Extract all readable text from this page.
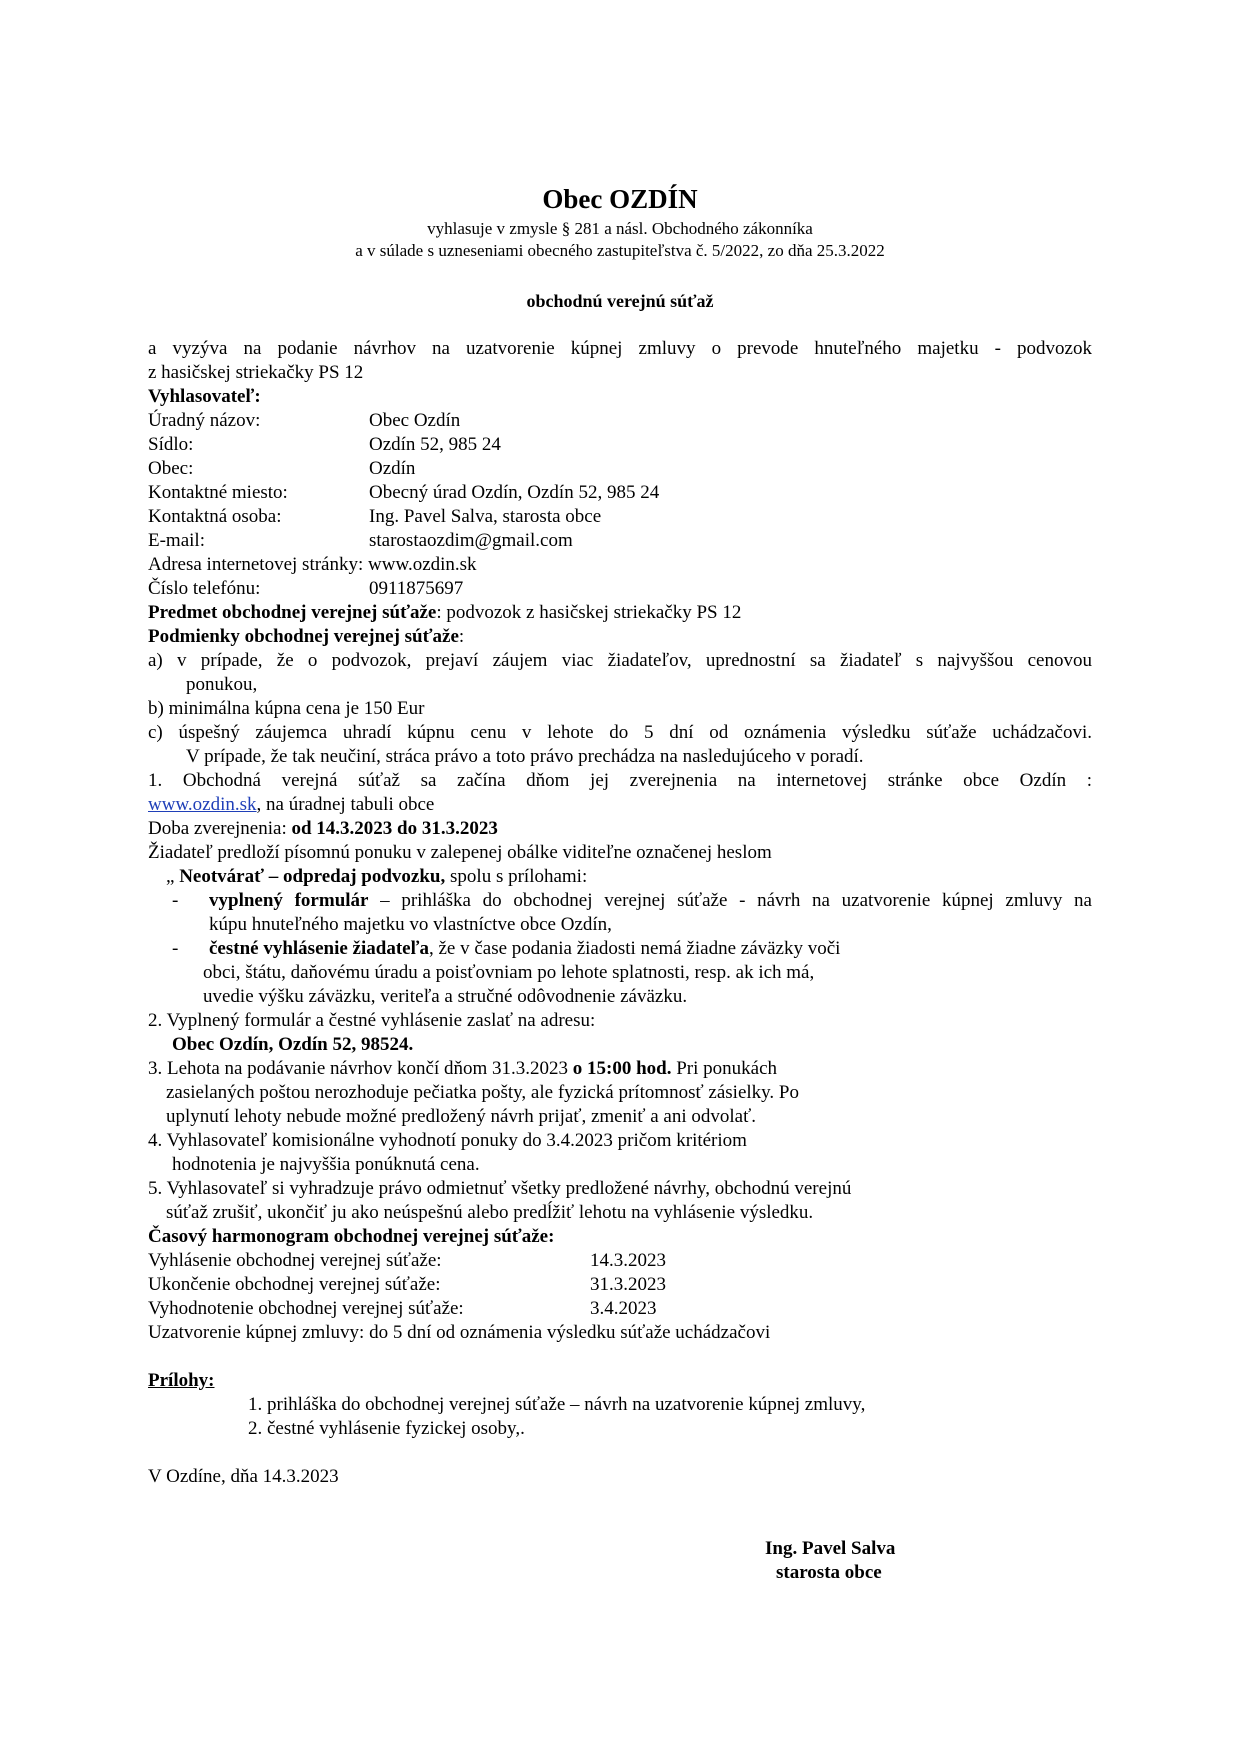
Obec OZDÍN
vyhlasuje v zmysle § 281 a násl. Obchodného zákonníka
a v súlade s uzneseniami obecného zastupiteľstva č. 5/2022, zo dňa 25.3.2022
obchodnú verejnú súťaž
a vyzýva na podanie návrhov na uzatvorenie kúpnej zmluvy o prevode hnuteľného majetku - podvozok
z hasičskej striekačky PS 12
Vyhlasovateľ:
Úradný názov:	Obec Ozdín
Sídlo:	Ozdín 52, 985 24
Obec:	Ozdín
Kontaktné miesto:	Obecný úrad Ozdín, Ozdín 52, 985 24
Kontaktná osoba:	Ing. Pavel Salva, starosta obce
E-mail:	starostaozdim@gmail.com
Adresa internetovej stránky: www.ozdin.sk
Číslo telefónu:	0911875697
Predmet obchodnej verejnej súťaže: podvozok z hasičskej striekačky PS 12
Podmienky obchodnej verejnej súťaže:
a) v prípade, že o podvozok, prejaví záujem viac žiadateľov, uprednostní sa žiadateľ s najvyššou cenovou
ponukou,
b) minimálna kúpna cena je 150 Eur
c) úspešný záujemca uhradí kúpnu cenu v lehote do 5 dní od oznámenia výsledku súťaže uchádzačovi.
V prípade, že tak neučiní, stráca právo a toto právo prechádza na nasledujúceho v poradí.
1. Obchodná verejná súťaž sa začína dňom jej zverejnenia na internetovej stránke obce Ozdín :
www.ozdin.sk, na úradnej tabuli obce
Doba zverejnenia: od 14.3.2023 do 31.3.2023
Žiadateľ predloží písomnú ponuku v zalepenej obálke viditeľne označenej heslom
„ Neotvárať – odpredaj podvozku, spolu s prílohami:
- vyplnený formulár – prihláška do obchodnej verejnej súťaže - návrh na uzatvorenie kúpnej zmluvy na
kúpu hnuteľného majetku vo vlastníctve obce Ozdín,
- čestné vyhlásenie žiadateľa, že v čase podania žiadosti nemá žiadne záväzky voči
obci, štátu, daňovému úradu a poisťovniam po lehote splatnosti, resp. ak ich má,
uvedie výšku záväzku, veriteľa a stručné odôvodnenie záväzku.
2. Vyplnený formulár a čestné vyhlásenie zaslať na adresu:
Obec Ozdín, Ozdín 52, 98524.
3. Lehota na podávanie návrhov končí dňom 31.3.2023 o 15:00 hod. Pri ponukách
zasielaných poštou nerozhoduje pečiatka pošty, ale fyzická prítomnosť zásielky. Po
uplynutí lehoty nebude možné predložený návrh prijať, zmeniť a ani odvolať.
4. Vyhlasovateľ komisionálne vyhodnotí ponuky do 3.4.2023 pričom kritériom
hodnotenia je najvyššia ponúknutá cena.
5. Vyhlasovateľ si vyhradzuje právo odmietnuť všetky predložené návrhy, obchodnú verejnú
súťaž zrušiť, ukončiť ju ako neúspešnú alebo predĺžiť lehotu na vyhlásenie výsledku.
Časový harmonogram obchodnej verejnej súťaže:
Vyhlásenie obchodnej verejnej súťaže:	14.3.2023
Ukončenie obchodnej verejnej súťaže:	31.3.2023
Vyhodnotenie obchodnej verejnej súťaže:	3.4.2023
Uzatvorenie kúpnej zmluvy: do 5 dní od oznámenia výsledku súťaže uchádzačovi
Prílohy:
1. prihláška do obchodnej verejnej súťaže – návrh na uzatvorenie kúpnej zmluvy,
2. čestné vyhlásenie fyzickej osoby,.
V Ozdíne, dňa 14.3.2023
Ing. Pavel Salva
starosta obce
